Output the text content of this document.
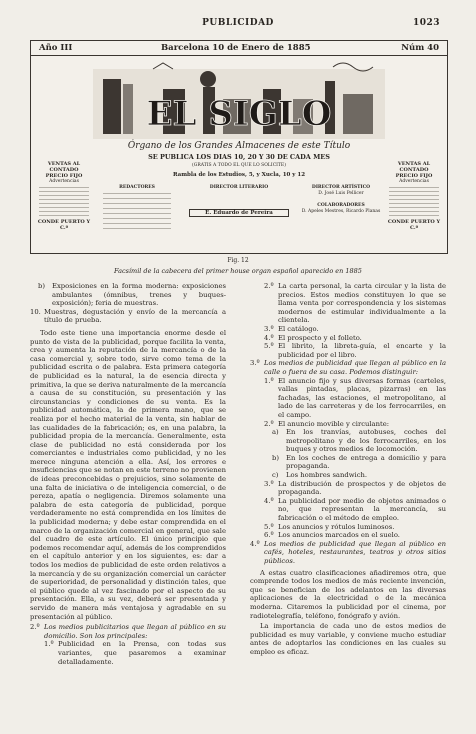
PUBLICIDAD	1023
Año III	Barcelona 10 de Enero de 1885	Núm 40
EL SIGLO
VENTAS AL CONTADO
PRECIO FIJO
Advertencias
CONDE PUERTO Y C.ª
VENTAS AL CONTADO
PRECIO FIJO
Advertencias
CONDE PUERTO Y C.ª
Órgano de los Grandes Almacenes de este Título
SE PUBLICA LOS DIAS 10, 20 Y 30 DE CADA MES
(GRATIS A TODO EL QUE LO SOLICITE)
Rambla de los Estudios, 5, y Xucla, 10 y 12
REDACTORES	DIRECTOR LITERARIO
E. Eduardo de Pereira
DIRECTOR ARTÍSTICO
D. José Luis Pellicer
COLABORADORES
D. Apeles Mestres, Ricardo Planas
Fig. 12
Facsímil de la cabecera del primer house organ español aparecido en 1885
b)	Exposiciones en la forma moderna: exposiciones ambulantes (ómnibus, trenes y buques-exposición); feria de muestras.
10. Muestras, degustación y envío de la mercancía a título de prueba.

Todo este tiene una importancia enorme desde el punto de vista de la publicidad, porque facilita la venta, crea y aumenta la reputación de la mercancía o de la casa comercial y, sobre todo, sirve como tema de la publicidad escrita o de palabra. Esta primera categoría de publicidad es la natural, la de esencia directa y primitiva, la que se deriva naturalmente de la mercancía a causa de su constitución, su presentación y las circunstancias y condiciones de su venta. Es la publicidad automática, la de primera mano, que se realiza por el hecho material de la venta, sin hablar de las cualidades de la fabricación; es, en una palabra, la publicidad propia de la mercancía. Generalmente, esta clase de publicidad no está considerada por los comerciantes e industriales como publicidad, y no les merece ninguna atención a ella. Así, los errores e insuficiencias que se notan en este terreno no provienen de ideas preconcebidas o prejuicios, sino solamente de una falta de iniciativa o de inteligencia comercial, o de pereza, apatía o negligencia. Diremos solamente una palabra de esta categoría de publicidad, porque verdaderamente no está comprendida en los límites de la publicidad moderna; y debe estar comprendida en el marco de la organización comercial en general, que sale del cuadro de este artículo. El único principio que podemos recomendar aquí, además de los comprendidos en el capítulo anterior y en los siguientes, es: dar a todos los medios de publicidad de este orden relativos a la mercancía y de su organización comercial un carácter de superioridad, de personalidad y distinción tales, que el público quede al vez fascinado por el aspecto de su presentación. Ella, a su vez, deberá ser presentada y servido de manera más ventajosa y agradable en su presentación al público.

2.º Los medios publicitarios que llegan al público en su domicilio. Son los principales:
1.º Publicidad en la Prensa, con todas sus variantes, que pasaremos a examinar detalladamente.
2.º La carta personal, la carta circular y la lista de precios. Estos medios constituyen lo que se llama venta por correspondencia y los sistemas modernos de estimular individualmente a la clientela.
3.º El catálogo.
4.º El prospecto y el folleto.
5.º El librito, la libreta-guía, el encarte y la publicidad por el libro.
3.º Los medios de publicidad que llegan al público en la calle o fuera de su casa. Podemos distinguir:
1.º El anuncio fijo y sus diversas formas (carteles, vallas pintadas, placas, pizarras) en las fachadas, las estaciones, el metropolitano, al lado de las carreteras y de los ferrocarriles, en el campo.
2.º El anuncio movible y circulante:
a)	En los tranvías, autobuses, coches del metropolitano y de los ferrocarriles, en los buques y otros medios de locomoción.
b)	En los coches de entrega a domicilio y para propaganda.
c)	Los hombres sandwich.
3.º La distribución de prospectos y de objetos de propaganda.
4.º La publicidad por medio de objetos animados o no, que representan la mercancía, su fabricación o el método de empleo.
5.º Los anuncios y rótulos luminosos.
6.º Los anuncios marcados en el suelo.
4.º Los medios de publicidad que llegan al público en cafés, hoteles, restaurantes, teatros y otros sitios públicos.

A estas cuatro clasificaciones añadiremos otra, que comprende todos los medios de más reciente invención, que se benefician de los adelantos en las diversas aplicaciones de la electricidad o de la mecánica moderna. Citaremos la publicidad por el cinema, por radiotelegrafía, teléfono, fonógrafo y avión.

La importancia de cada uno de estos medios de publicidad es muy variable, y conviene mucho estudiar antes de adoptarlos las condiciones en las cuales su empleo es eficaz.
